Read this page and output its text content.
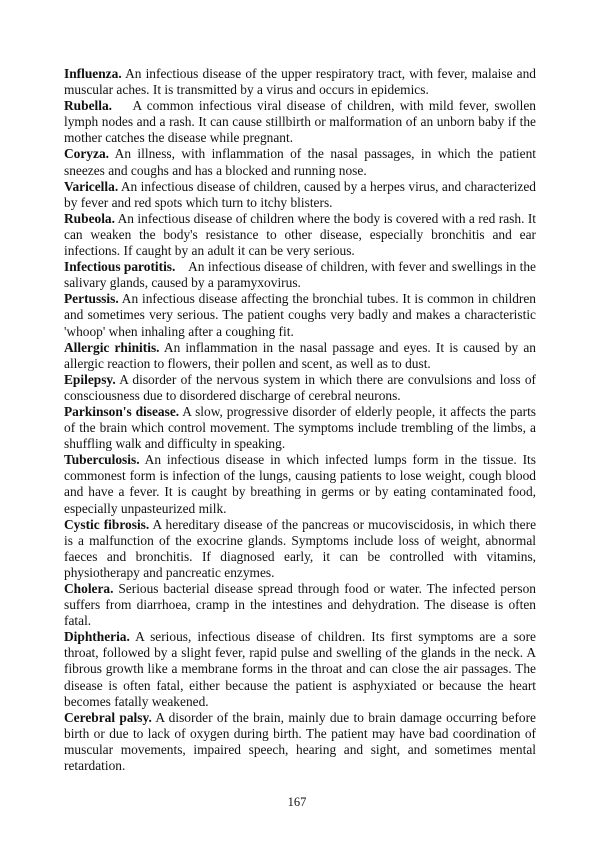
Influenza. An infectious disease of the upper respiratory tract, with fever, malaise and muscular aches. It is transmitted by a virus and occurs in epidemics.

Rubella. A common infectious viral disease of children, with mild fever, swollen lymph nodes and a rash. It can cause stillbirth or malformation of an unborn baby if the mother catches the disease while pregnant.

Coryza. An illness, with inflammation of the nasal passages, in which the patient sneezes and coughs and has a blocked and running nose.

Varicella. An infectious disease of children, caused by a herpes virus, and characterized by fever and red spots which turn to itchy blisters.

Rubeola. An infectious disease of children where the body is covered with a red rash. It can weaken the body's resistance to other disease, especially bronchitis and ear infections. If caught by an adult it can be very serious.

Infectious parotitis. An infectious disease of children, with fever and swellings in the salivary glands, caused by a paramyxovirus.

Pertussis. An infectious disease affecting the bronchial tubes. It is common in children and sometimes very serious. The patient coughs very badly and makes a characteristic 'whoop' when inhaling after a coughing fit.

Allergic rhinitis. An inflammation in the nasal passage and eyes. It is caused by an allergic reaction to flowers, their pollen and scent, as well as to dust.

Epilepsy. A disorder of the nervous system in which there are convulsions and loss of consciousness due to disordered discharge of cerebral neurons.

Parkinson's disease. A slow, progressive disorder of elderly people, it affects the parts of the brain which control movement. The symptoms include trembling of the limbs, a shuffling walk and difficulty in speaking.

Tuberculosis. An infectious disease in which infected lumps form in the tissue. Its commonest form is infection of the lungs, causing patients to lose weight, cough blood and have a fever. It is caught by breathing in germs or by eating contaminated food, especially unpasteurized milk.

Cystic fibrosis. A hereditary disease of the pancreas or mucoviscidosis, in which there is a malfunction of the exocrine glands. Symptoms include loss of weight, abnormal faeces and bronchitis. If diagnosed early, it can be controlled with vitamins, physiotherapy and pancreatic enzymes.

Cholera. Serious bacterial disease spread through food or water. The infected person suffers from diarrhoea, cramp in the intestines and dehydration. The disease is often fatal.

Diphtheria. A serious, infectious disease of children. Its first symptoms are a sore throat, followed by a slight fever, rapid pulse and swelling of the glands in the neck. A fibrous growth like a membrane forms in the throat and can close the air passages. The disease is often fatal, either because the patient is asphyxiated or because the heart becomes fatally weakened.

Cerebral palsy. A disorder of the brain, mainly due to brain damage occurring before birth or due to lack of oxygen during birth. The patient may have bad coordination of muscular movements, impaired speech, hearing and sight, and sometimes mental retardation.

167
